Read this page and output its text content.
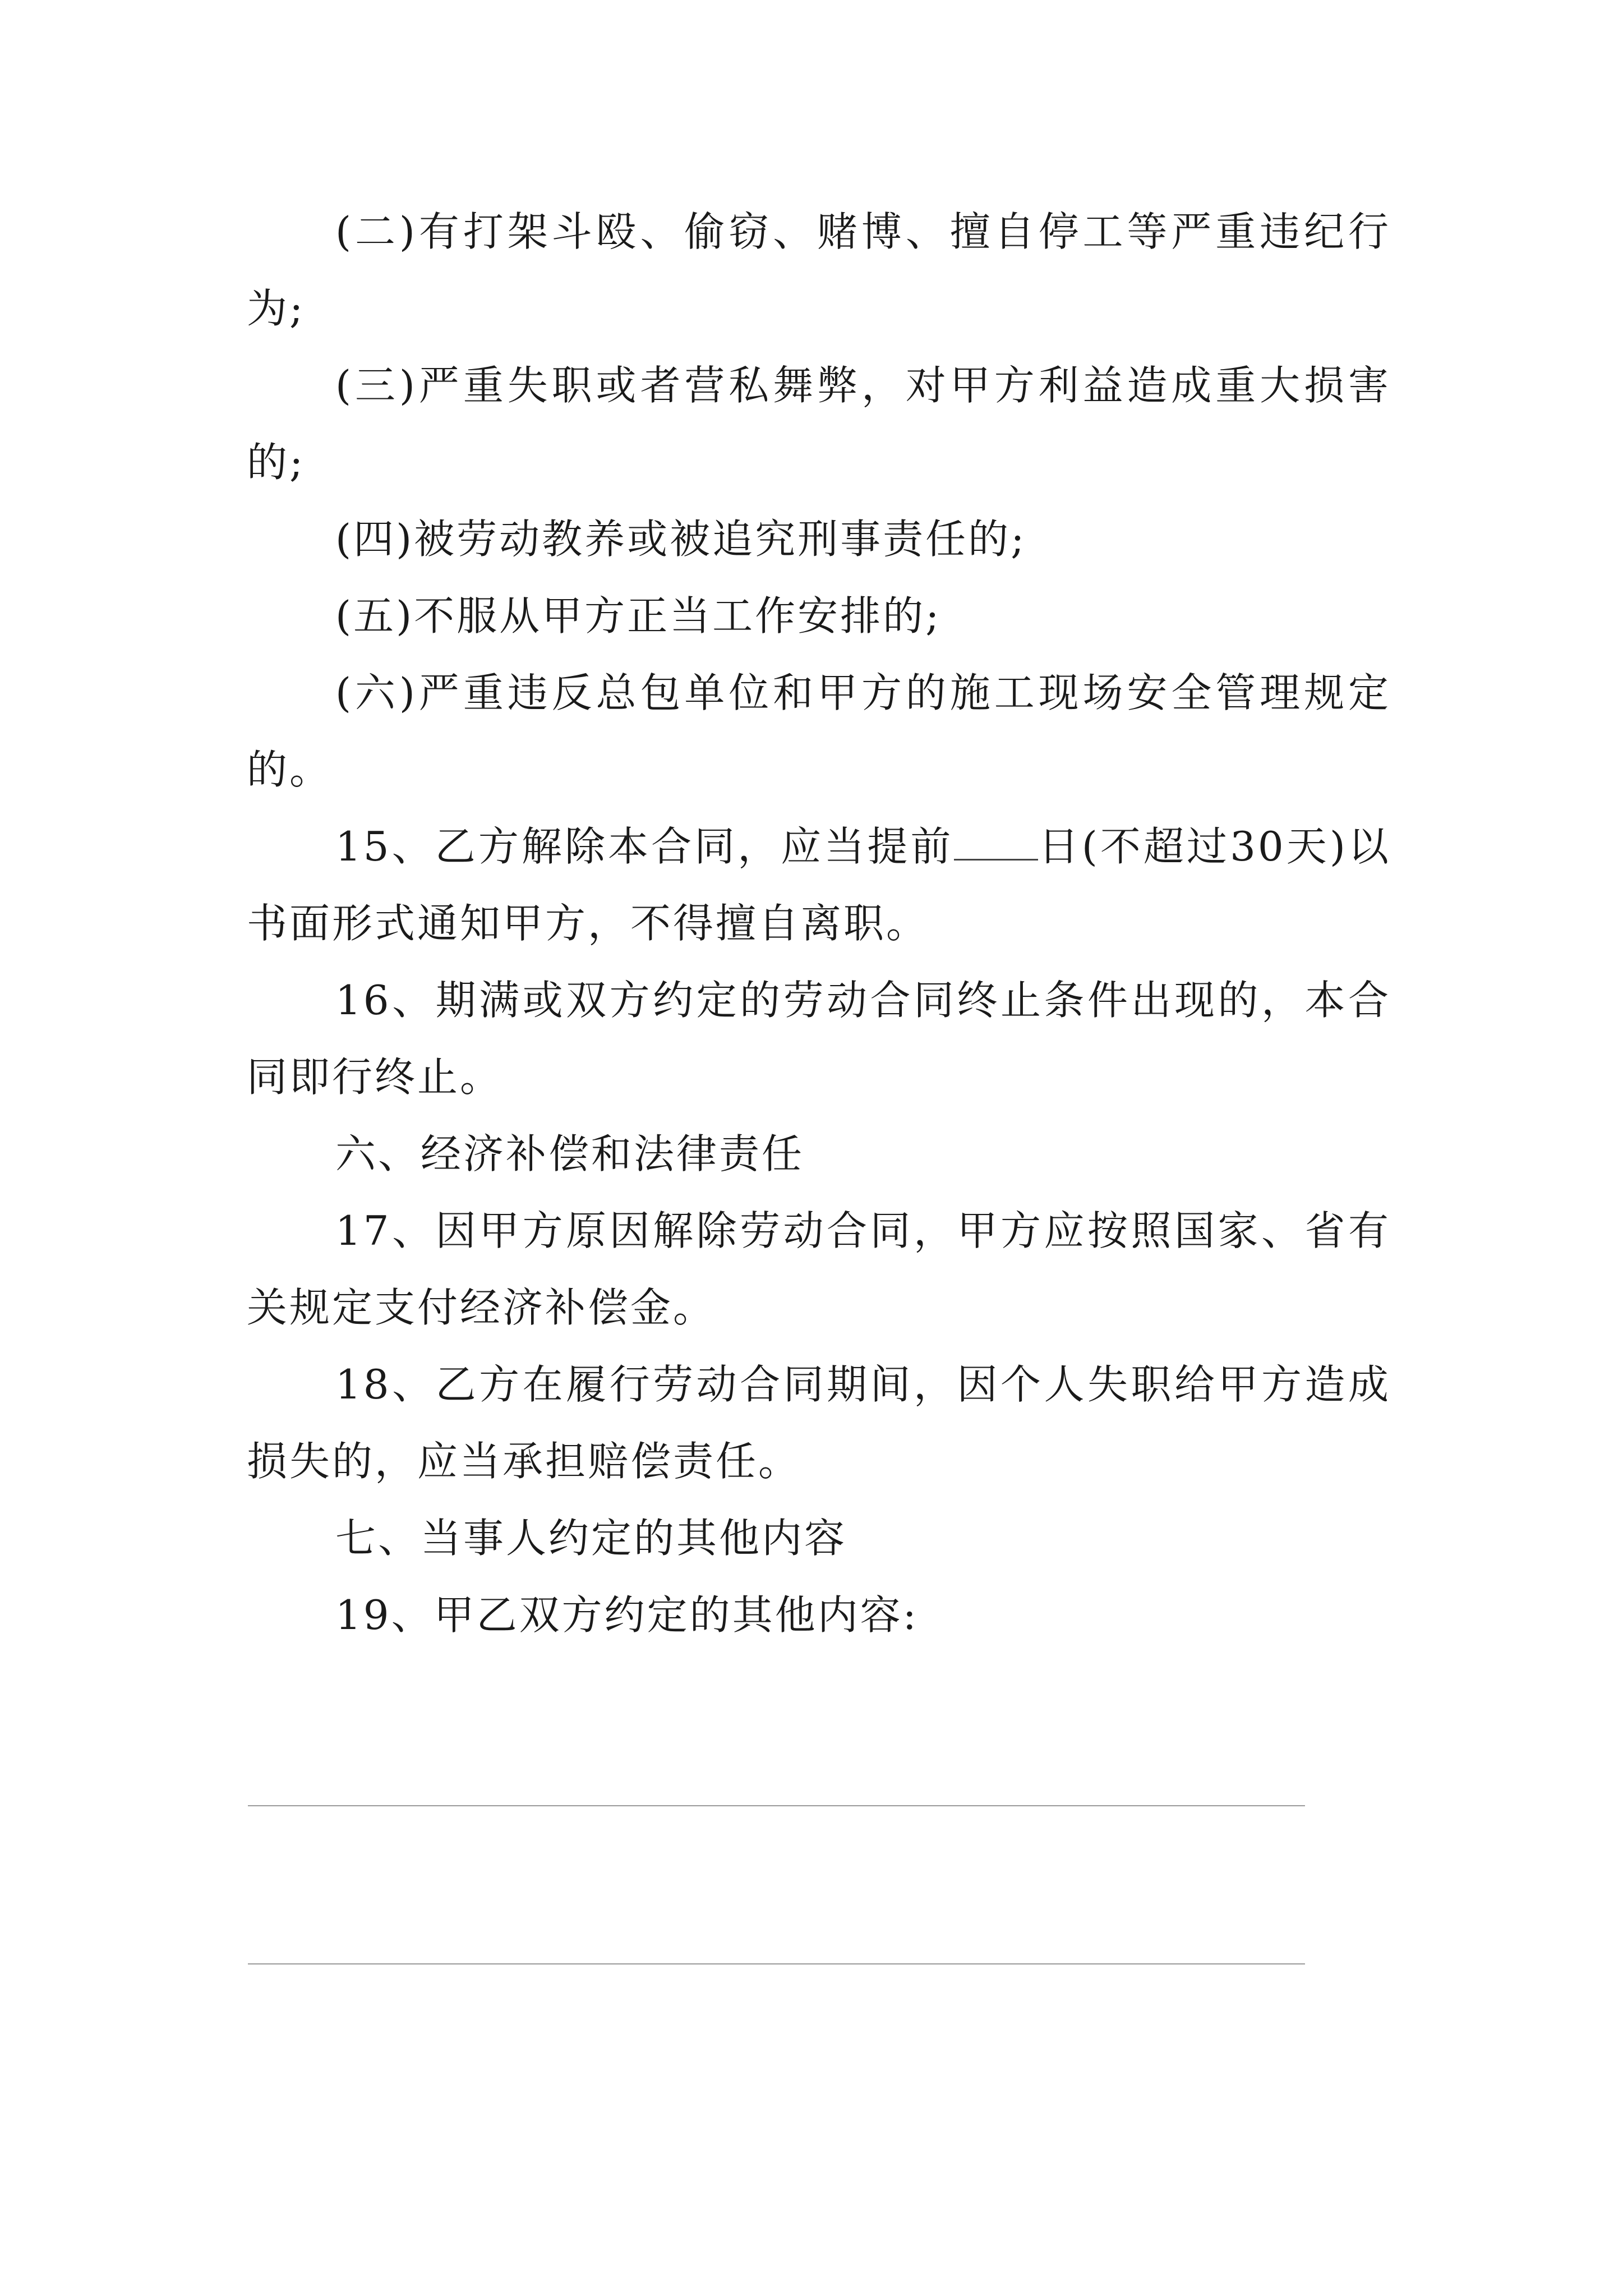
(二)有打架斗殴、偷窃、赌博、擅自停工等严重违纪行为;

(三)严重失职或者营私舞弊，对甲方利益造成重大损害的;

(四)被劳动教养或被追究刑事责任的;

(五)不服从甲方正当工作安排的;

(六)严重违反总包单位和甲方的施工现场安全管理规定的。

15、乙方解除本合同，应当提前 日(不超过30天)以书面形式通知甲方，不得擅自离职。

16、期满或双方约定的劳动合同终止条件出现的，本合同即行终止。

六、经济补偿和法律责任

17、因甲方原因解除劳动合同，甲方应按照国家、省有关规定支付经济补偿金。

18、乙方在履行劳动合同期间，因个人失职给甲方造成损失的，应当承担赔偿责任。

七、当事人约定的其他内容

19、甲乙双方约定的其他内容:
